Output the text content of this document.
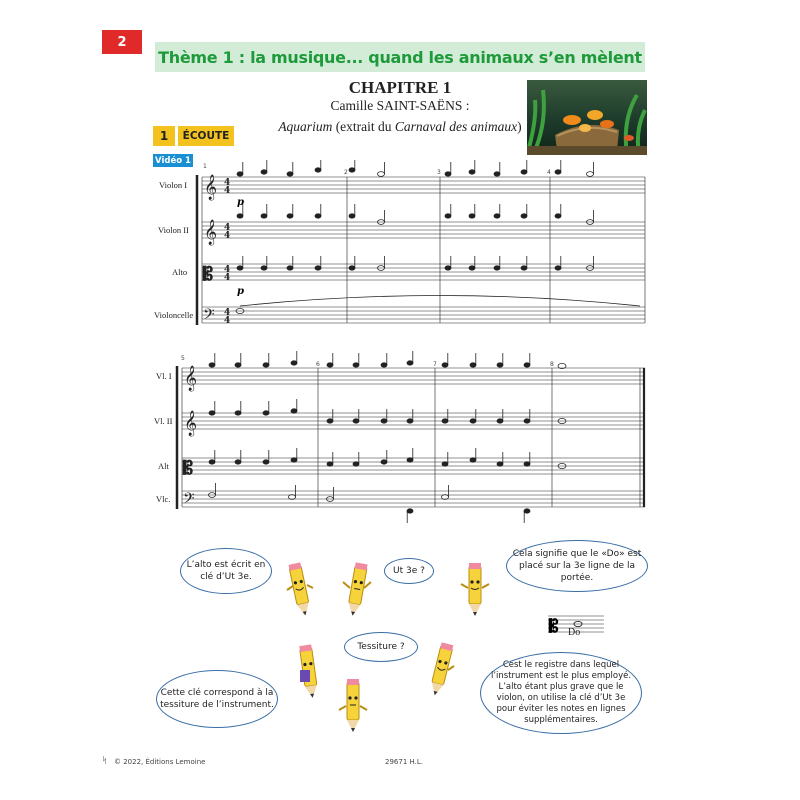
2
Thème 1 : la musique... quand les animaux s’en mèlent
CHAPITRE 1
Camille SAINT-SAËNS :
Aquarium (extrait du Carnaval des animaux)
1	ÉCOUTE
Vidéo 1
Violon I
Violon II
Alto
Violoncelle
Vl. I
Vl. II
Alt
Vlc.
𝄞
𝄞
𝄡
𝄢
𝄞
𝄞
𝄡
𝄢
4
4
4
4
4
4
4
4
p
p
1
2	3	4
5
6	7	8
L’alto est écrit en clé d’Ut 3e.
Ut 3e ?
Cela signifie que le «Do» est placé sur la 3e ligne de la portée.
Tessiture ?
Cette clé correspond à la tessiture de l’instrument.
Cest le registre dans lequel l’instrument est le plus employé. L’alto étant plus grave que le violon, on utilise la clé d’Ut 3e pour éviter les notes en lignes supplémentaires.
𝄡 Do
ᛋ © 2022, Éditions Lemoine	29671 H.L.
